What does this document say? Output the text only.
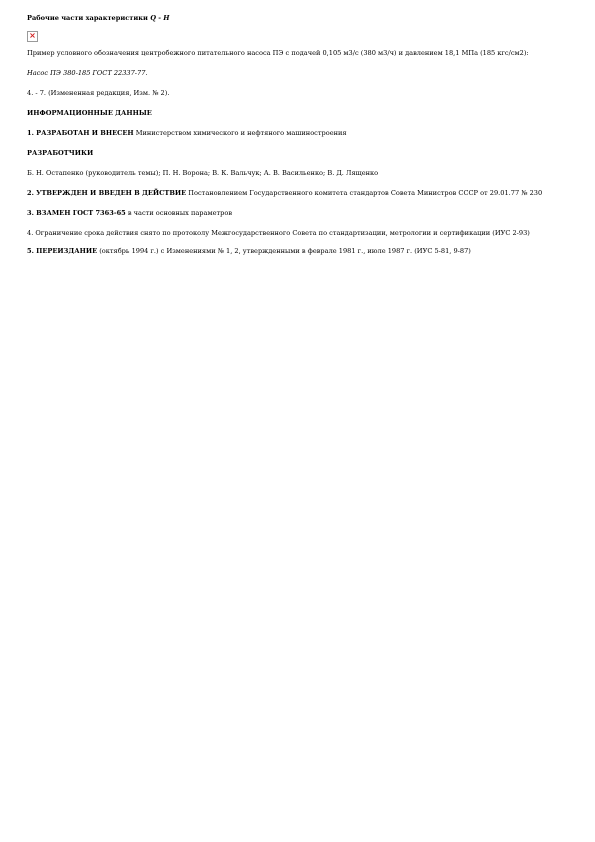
Рабочие части характеристики Q - H

×

Пример условного обозначения центробежного питательного насоса ПЭ с подачей 0,105 м3/с (380 м3/ч) и давлением 18,1 МПа (185 кгс/см2):

Насос ПЭ 380-185 ГОСТ 22337-77.

4. - 7. (Измененная редакция, Изм. № 2).

ИНФОРМАЦИОННЫЕ ДАННЫЕ

1. РАЗРАБОТАН И ВНЕСЕН Министерством химического и нефтяного машиностроения

РАЗРАБОТЧИКИ

Б. Н. Остапенко (руководитель темы); П. Н. Ворона; В. К. Вальчук; А. В. Васильенко; В. Д. Лященко

2. УТВЕРЖДЕН И ВВЕДЕН В ДЕЙСТВИЕ Постановлением Государственного комитета стандартов Совета Министров СССР от 29.01.77 № 230

3. ВЗАМЕН ГОСТ 7363-65 в части основных параметров

4. Ограничение срока действия снято по протоколу Межгосударственного Совета по стандартизации, метрологии и сертификации (ИУС 2-93)

5. ПЕРЕИЗДАНИЕ (октябрь 1994 г.) с Изменениями № 1, 2, утвержденными в феврале 1981 г., июле 1987 г. (ИУС 5-81, 9-87)
